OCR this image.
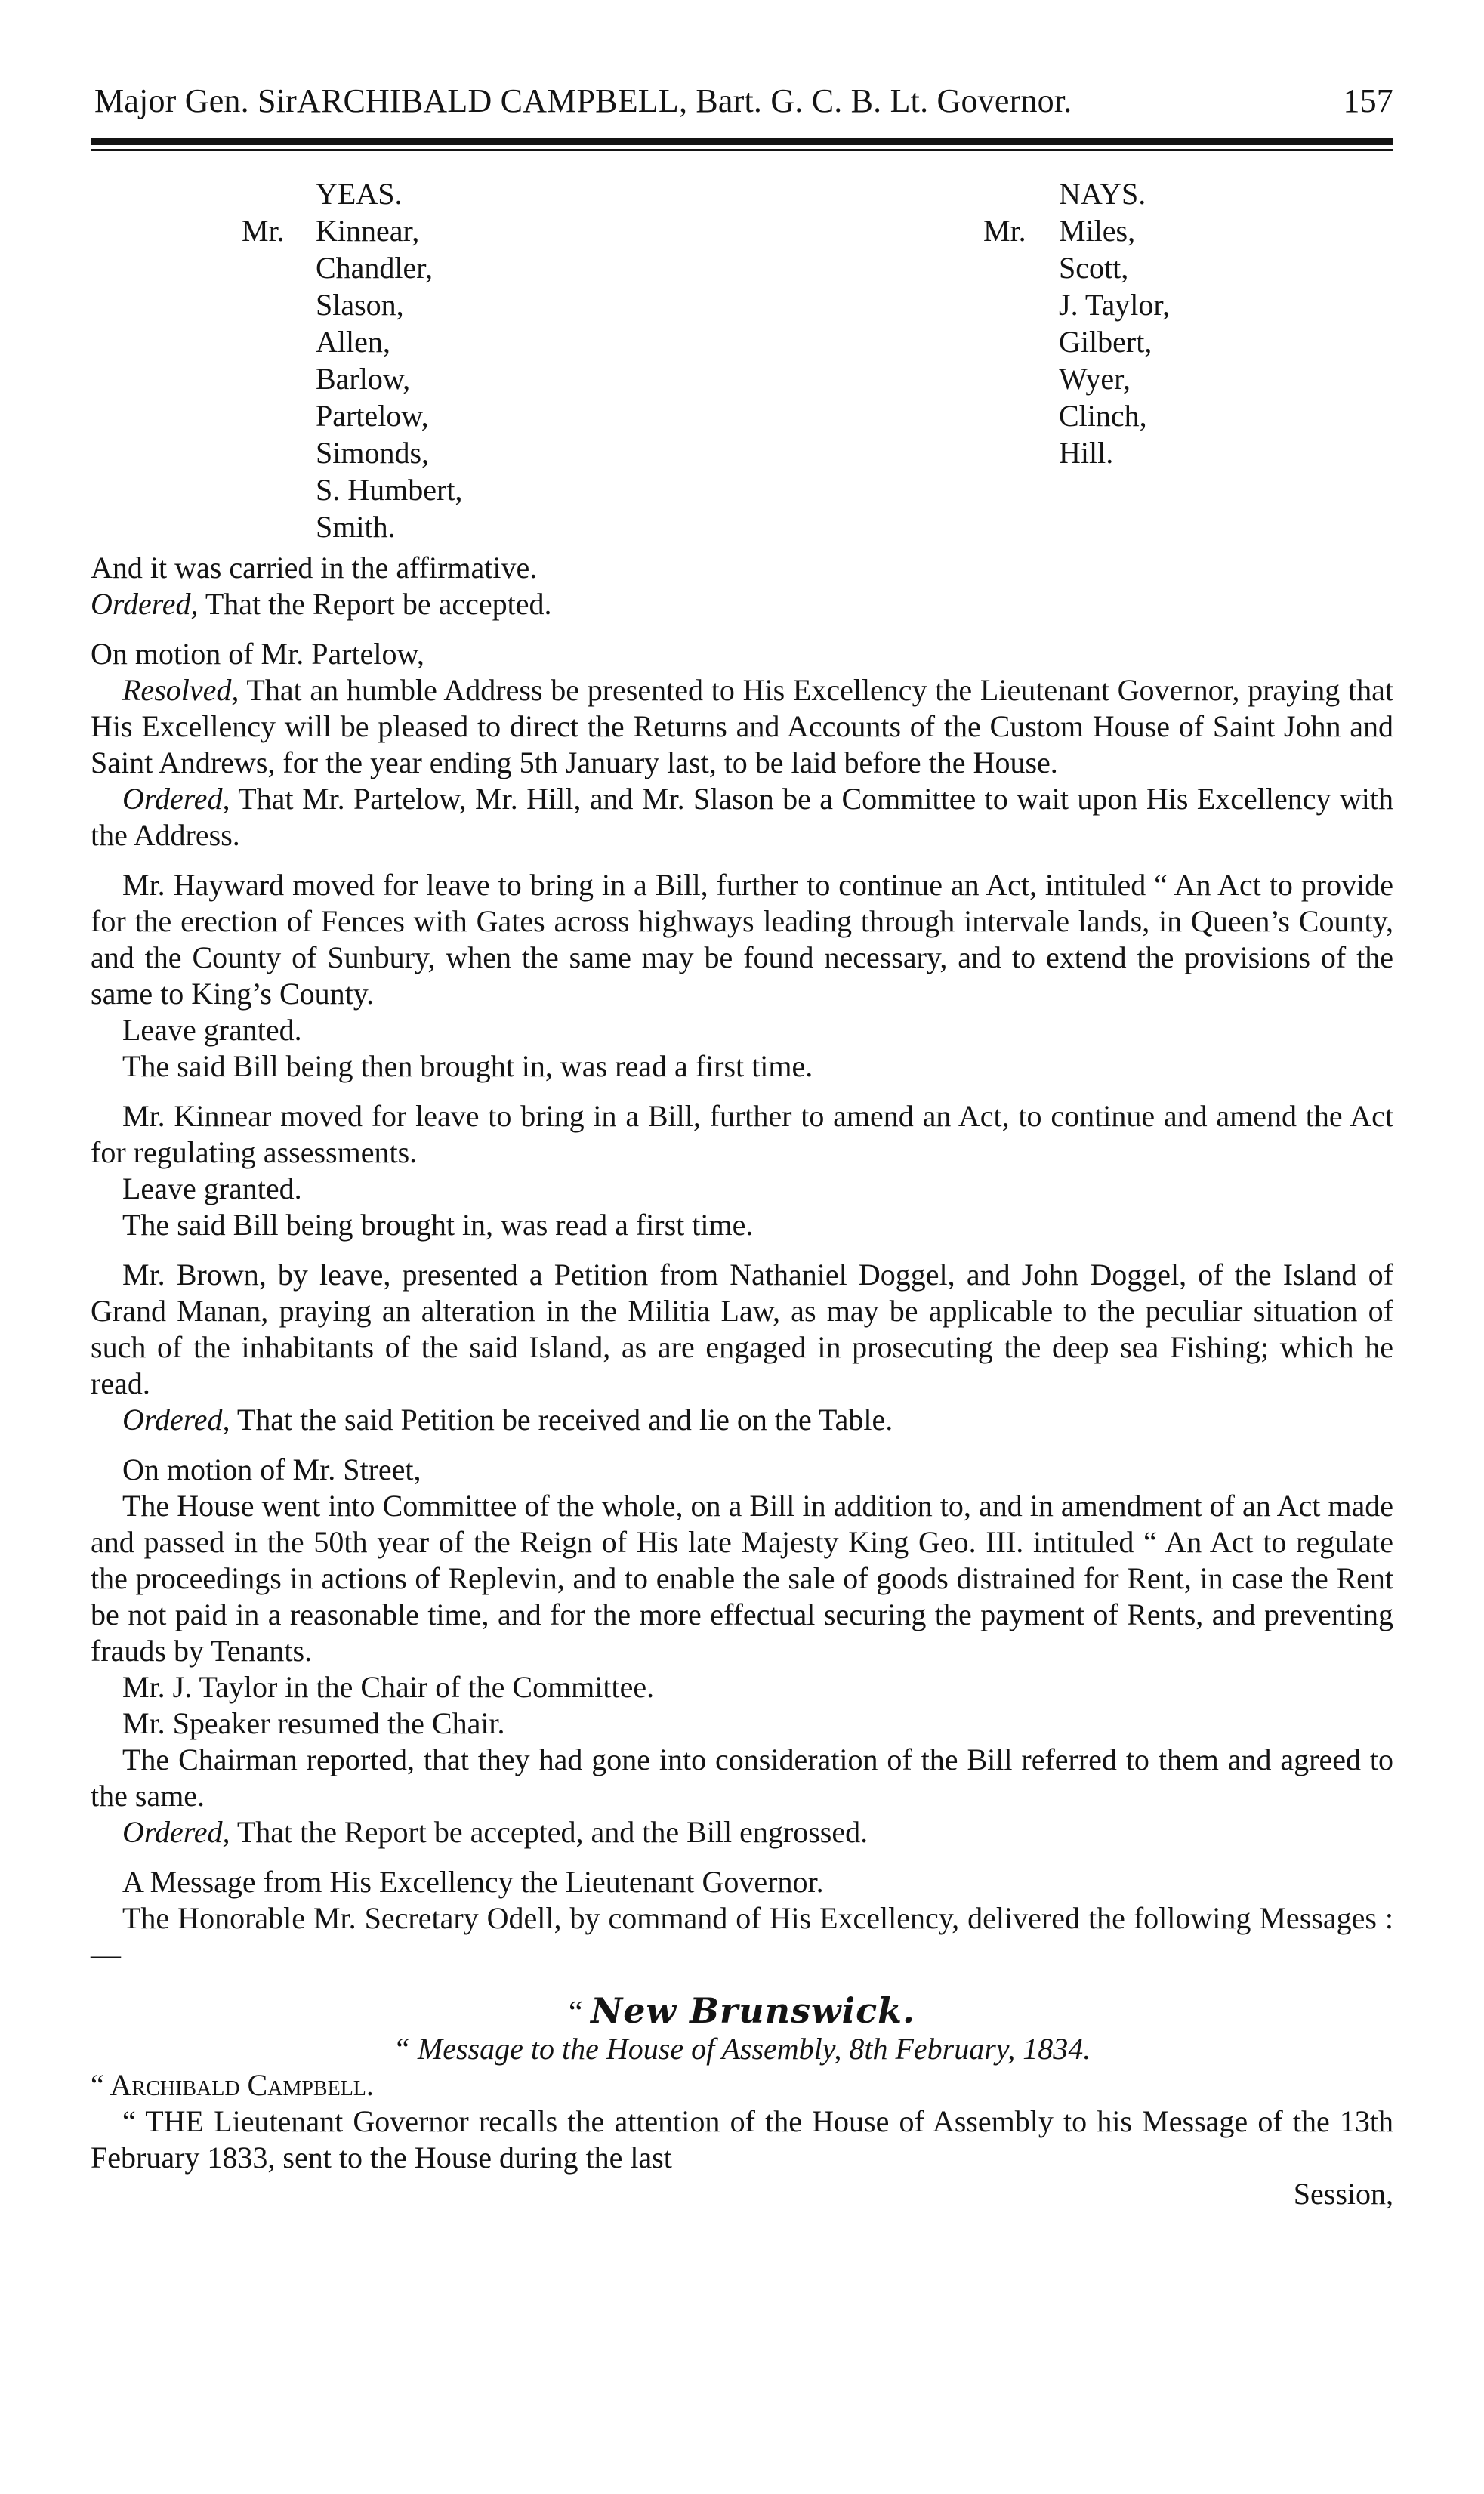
Major Gen. SirARCHIBALD CAMPBELL, Bart. G. C. B. Lt. Governor.	157
YEAS.
Mr. Kinnear,
Chandler,
Slason,
Allen,
Barlow,
Partelow,
Simonds,
S. Humbert,
Smith.
NAYS.
Mr. Miles,
Scott,
J. Taylor,
Gilbert,
Wyer,
Clinch,
Hill.

And it was carried in the affirmative.

Ordered, That the Report be accepted.

On motion of Mr. Partelow,

Resolved, That an humble Address be presented to His Excellency the Lieutenant Governor, praying that His Excellency will be pleased to direct the Returns and Accounts of the Custom House of Saint John and Saint Andrews, for the year ending 5th January last, to be laid before the House.

Ordered, That Mr. Partelow, Mr. Hill, and Mr. Slason be a Committee to wait upon His Excellency with the Address.

Mr. Hayward moved for leave to bring in a Bill, further to continue an Act, intituled “ An Act to provide for the erection of Fences with Gates across highways leading through intervale lands, in Queen’s County, and the County of Sunbury, when the same may be found necessary, and to extend the provisions of the same to King’s County.

Leave granted.

The said Bill being then brought in, was read a first time.

Mr. Kinnear moved for leave to bring in a Bill, further to amend an Act, to continue and amend the Act for regulating assessments.

Leave granted.

The said Bill being brought in, was read a first time.

Mr. Brown, by leave, presented a Petition from Nathaniel Doggel, and John Doggel, of the Island of Grand Manan, praying an alteration in the Militia Law, as may be applicable to the peculiar situation of such of the inhabitants of the said Island, as are engaged in prosecuting the deep sea Fishing; which he read.

Ordered, That the said Petition be received and lie on the Table.

On motion of Mr. Street,

The House went into Committee of the whole, on a Bill in addition to, and in amendment of an Act made and passed in the 50th year of the Reign of His late Majesty King Geo. III. intituled “ An Act to regulate the proceedings in actions of Replevin, and to enable the sale of goods distrained for Rent, in case the Rent be not paid in a reasonable time, and for the more effectual securing the payment of Rents, and preventing frauds by Tenants.

Mr. J. Taylor in the Chair of the Committee.

Mr. Speaker resumed the Chair.

The Chairman reported, that they had gone into consideration of the Bill referred to them and agreed to the same.

Ordered, That the Report be accepted, and the Bill engrossed.

A Message from His Excellency the Lieutenant Governor.

The Honorable Mr. Secretary Odell, by command of His Excellency, delivered the following Messages :—

“ New Brunswick.

“ Message to the House of Assembly, 8th February, 1834.

“ Archibald Campbell.

“ THE Lieutenant Governor recalls the attention of the House of Assembly to his Message of the 13th February 1833, sent to the House during the last

Session,
